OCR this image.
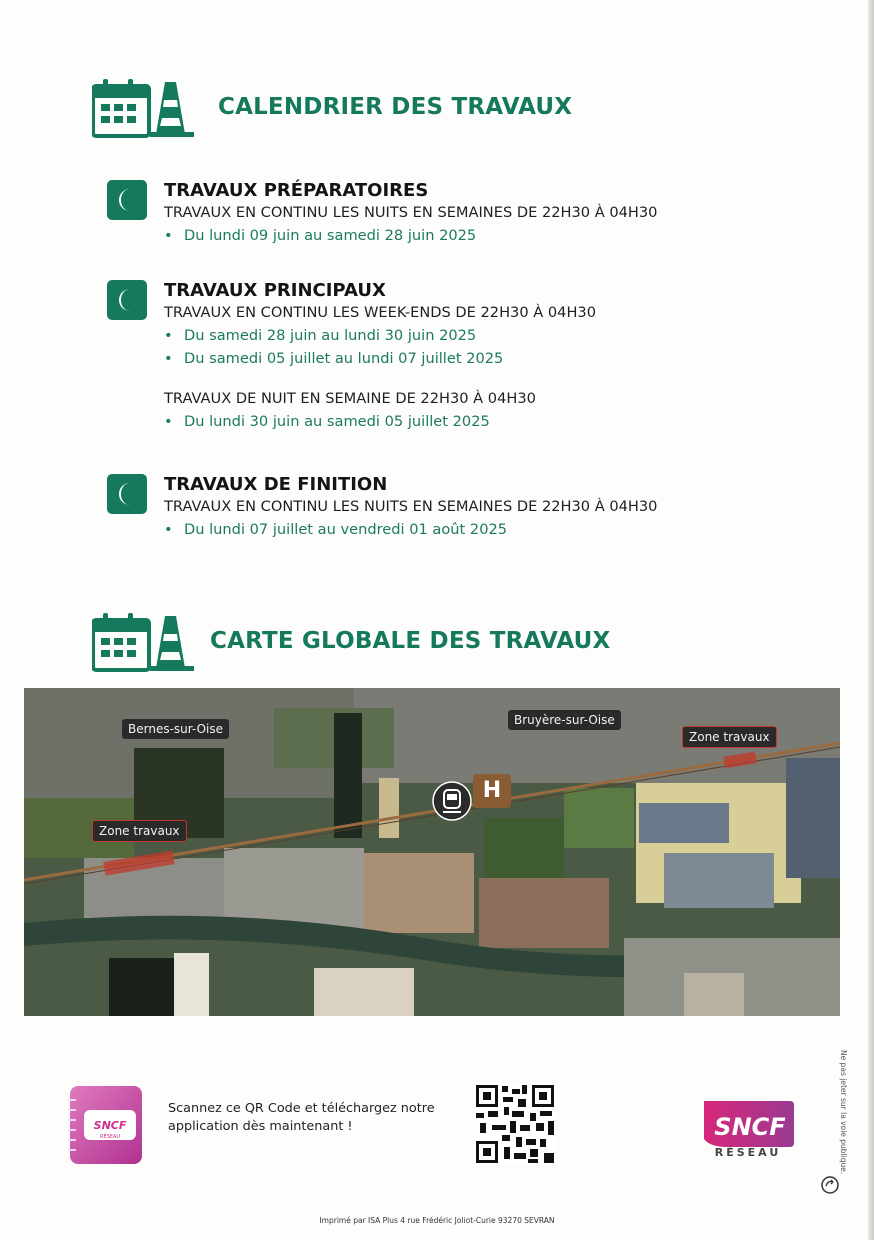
CALENDRIER DES TRAVAUX
TRAVAUX PRÉPARATOIRES
TRAVAUX EN CONTINU LES NUITS EN SEMAINES DE 22H30 À 04H30
• Du lundi 09 juin au samedi 28 juin 2025
TRAVAUX PRINCIPAUX
TRAVAUX EN CONTINU LES WEEK-ENDS DE 22H30 À 04H30
• Du samedi 28 juin au lundi 30 juin 2025
• Du samedi 05 juillet au lundi 07 juillet 2025
TRAVAUX DE NUIT EN SEMAINE DE 22H30 À 04H30
• Du lundi 30 juin au samedi 05 juillet 2025
TRAVAUX DE FINITION
TRAVAUX EN CONTINU LES NUITS EN SEMAINES DE 22H30 À 04H30
• Du lundi 07 juillet au vendredi 01 août 2025
CARTE GLOBALE DES TRAVAUX
Bernes-sur-Oise
Bruyère-sur-Oise
Zone travaux
Zone travaux
H
SNCF
RÉSEAU
Scannez ce QR Code et téléchargez notre application dès maintenant !	SNCF
RÉSEAU	Ne pas jeter sur la voie publique.
Imprimé par ISA Plus 4 rue Frédéric Joliot-Curie 93270 SEVRAN
